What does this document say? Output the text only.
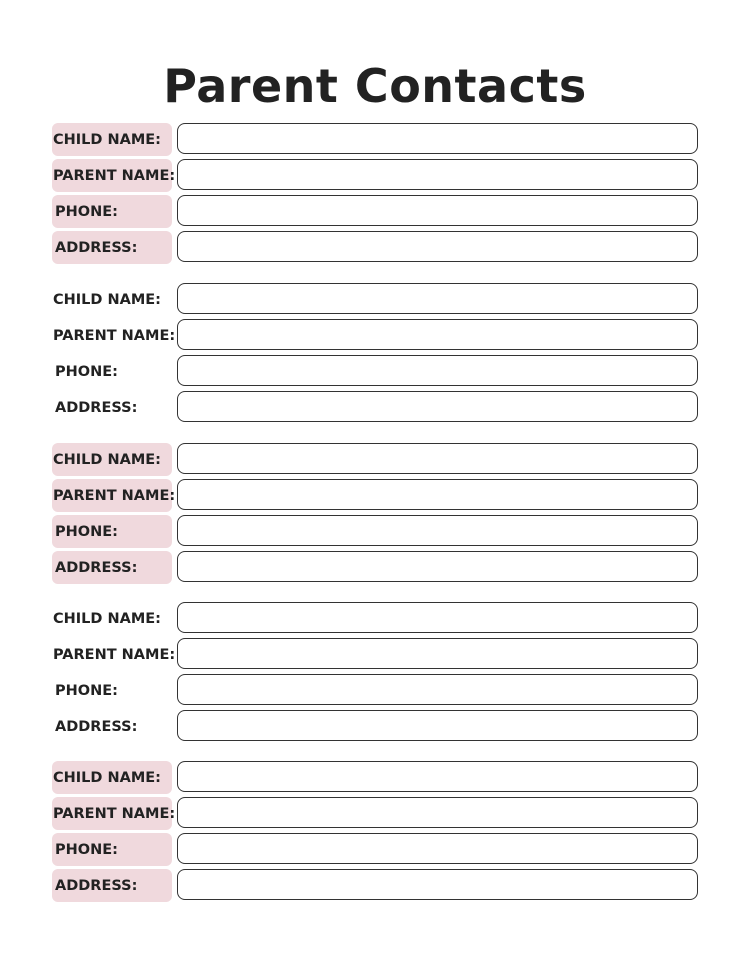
Parent Contacts
CHILD NAME:
PARENT NAME:
PHONE:
ADDRESS:
CHILD NAME:
PARENT NAME:
PHONE:
ADDRESS:
CHILD NAME:
PARENT NAME:
PHONE:
ADDRESS:
CHILD NAME:
PARENT NAME:
PHONE:
ADDRESS:
CHILD NAME:
PARENT NAME:
PHONE:
ADDRESS:
